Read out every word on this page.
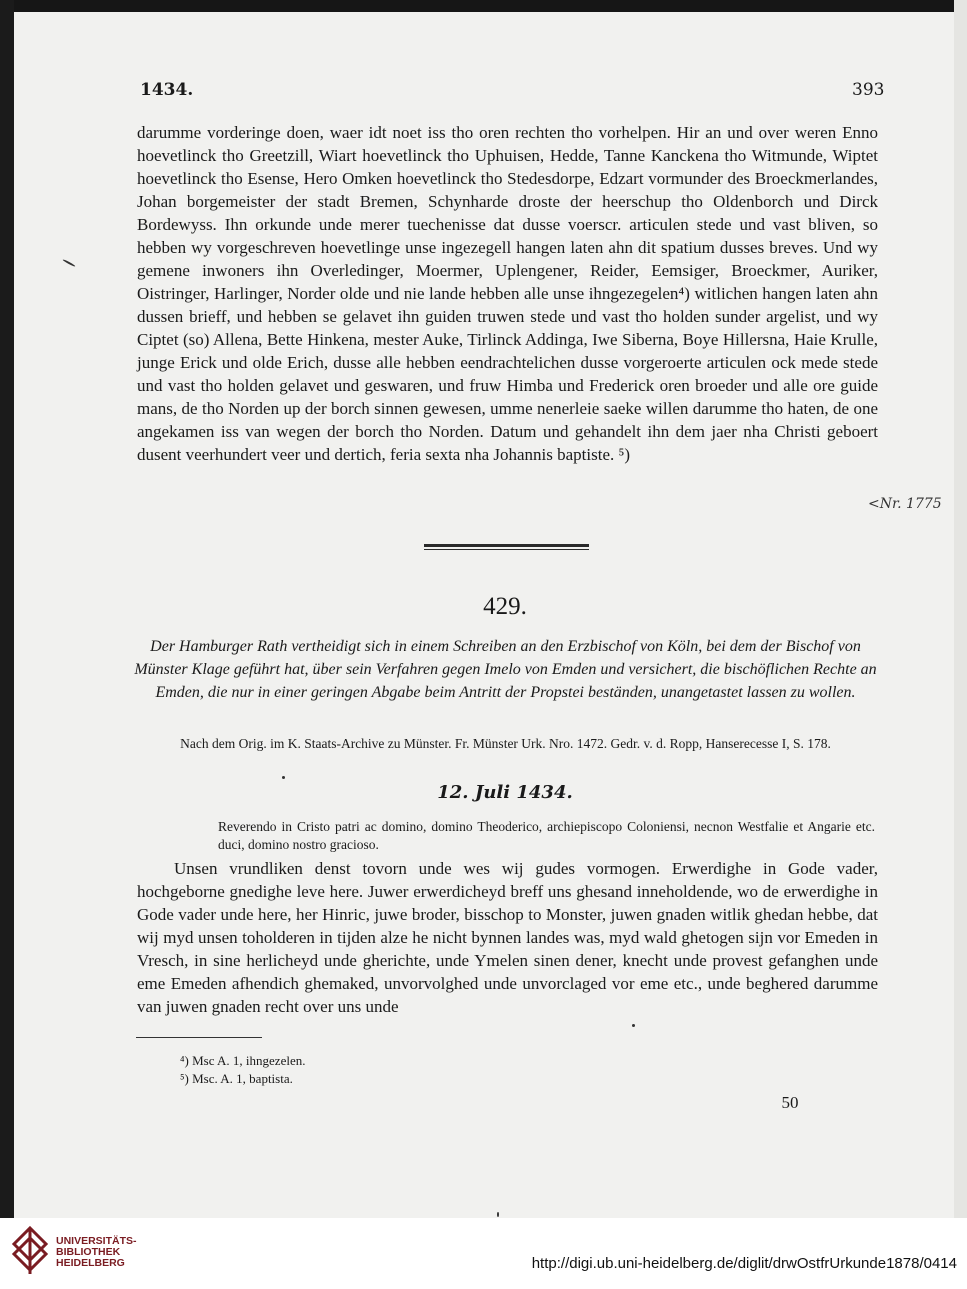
1434.	393

darumme vorderinge doen, waer idt noet iss tho oren rechten tho vorhelpen. Hir an und over weren Enno hoevetlinck tho Greetzill, Wiart hoevetlinck tho Uphuisen, Hedde, Tanne Kanckena tho Witmunde, Wiptet hoevetlinck tho Esense, Hero Omken hoevetlinck tho Stedesdorpe, Edzart vormunder des Broeckmerlandes, Johan borgemeister der stadt Bremen, Schynharde droste der heerschup tho Oldenborch und Dirck Bordewyss. Ihn orkunde unde merer tuechenisse dat dusse voerscr. articulen stede und vast bliven, so hebben wy vorgeschreven hoevetlinge unse ingezegell hangen laten ahn dit spatium dusses breves. Und wy gemene inwoners ihn Overledinger, Moermer, Uplengener, Reider, Eemsiger, Broeckmer, Auriker, Oistringer, Harlinger, Norder olde und nie lande hebben alle unse ihngezegelen⁴) witlichen hangen laten ahn dussen brieff, und hebben se gelavet ihn guiden truwen stede und vast tho holden sunder argelist, und wy Ciptet (so) Allena, Bette Hinkena, mester Auke, Tirlinck Addinga, Iwe Siberna, Boye Hillersna, Haie Krulle, junge Erick und olde Erich, dusse alle hebben eendrachtelichen dusse vorgeroerte articulen ock mede stede und vast tho holden gelavet und geswaren, und fruw Himba und Frederick oren broeder und alle ore guide mans, de tho Norden up der borch sinnen gewesen, umme nenerleie saeke willen darumme tho haten, de one angekamen iss van wegen der borch tho Norden. Datum und gehandelt ihn dem jaer nha Christi geboert dusent veerhundert veer und dertich, feria sexta nha Johannis baptiste. ⁵)

<Nr. 1775
429.
Der Hamburger Rath vertheidigt sich in einem Schreiben an den Erzbischof von Köln, bei dem der Bischof von Münster Klage geführt hat, über sein Verfahren gegen Imelo von Emden und versichert, die bischöflichen Rechte an Emden, die nur in einer geringen Abgabe beim Antritt der Propstei beständen, unangetastet lassen zu wollen.
Nach dem Orig. im K. Staats-Archive zu Münster. Fr. Münster Urk. Nro. 1472. Gedr. v. d. Ropp, Hanserecesse I, S. 178.
12. Juli 1434.
Reverendo in Cristo patri ac domino, domino Theoderico, archiepiscopo Coloniensi, necnon Westfalie et Angarie etc. duci, domino nostro gracioso.

Unsen vrundliken denst tovorn unde wes wij gudes vormogen. Erwerdighe in Gode vader, hochgeborne gnedighe leve here. Juwer erwerdicheyd breff uns ghesand inneholdende, wo de erwerdighe in Gode vader unde here, her Hinric, juwe broder, bisschop to Monster, juwen gnaden witlik ghedan hebbe, dat wij myd unsen toholderen in tijden alze he nicht bynnen landes was, myd wald ghetogen sijn vor Emeden in Vresch, in sine herlicheyd unde gherichte, unde Ymelen sinen dener, knecht unde provest gefanghen unde eme Emeden afhendich ghemaked, unvorvolghed unde unvorclaged vor eme etc., unde beghered darumme van juwen gnaden recht over uns unde

⁴) Msc A. 1, ihngezelen.
⁵) Msc. A. 1, baptista.
50
UNIVERSITÄTS-
BIBLIOTHEK
HEIDELBERG	http://digi.ub.uni-heidelberg.de/diglit/drwOstfrUrkunde1878/0414
